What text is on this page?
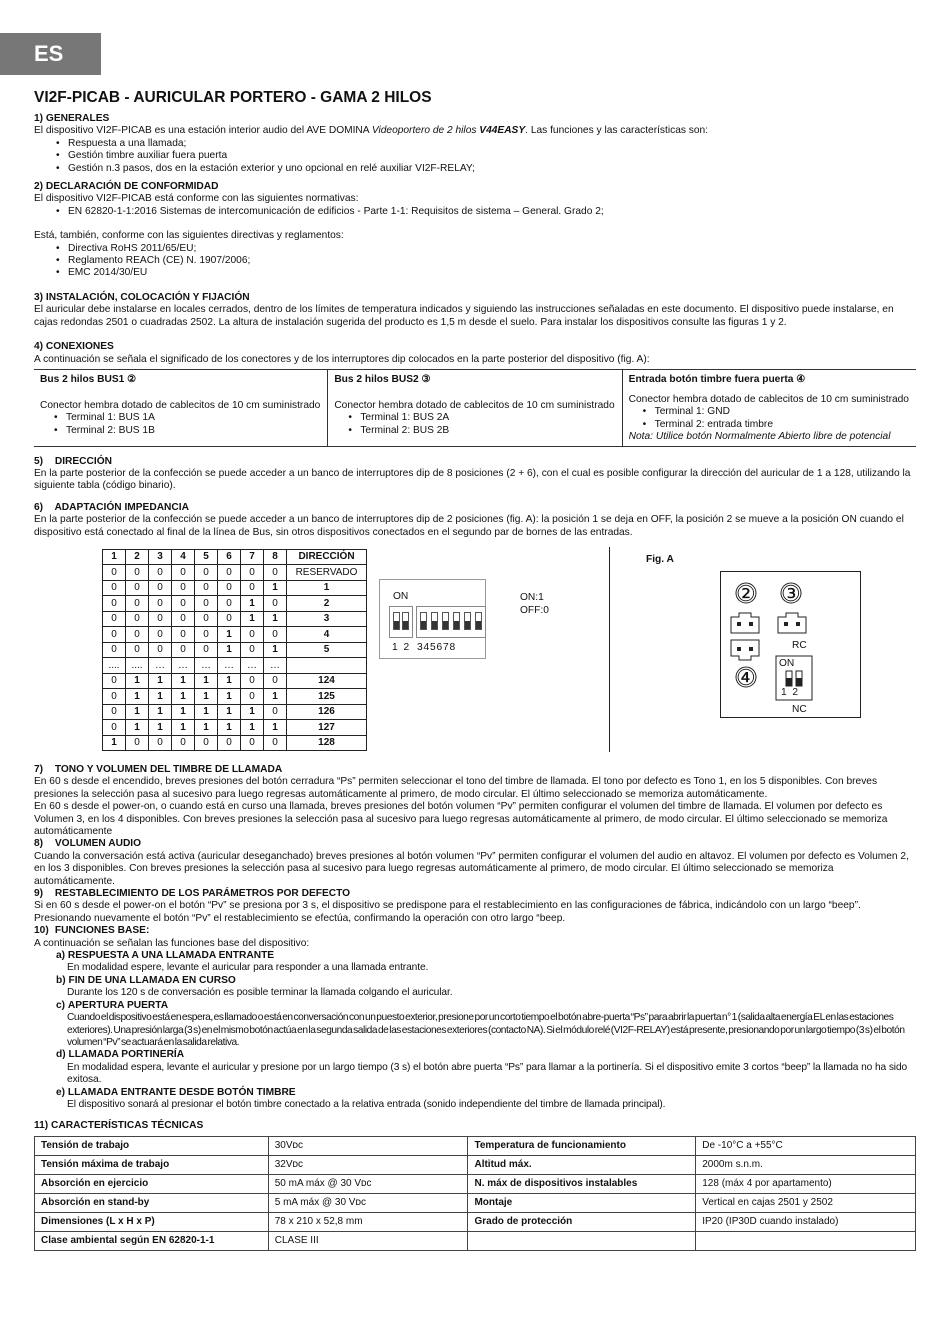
ES
VI2F-PICAB - AURICULAR PORTERO - GAMA 2 HILOS
1) GENERALES

El dispositivo VI2F-PICAB es una estación interior audio del AVE DOMINA Videoportero de 2 hilos V44EASY. Las funciones y las características son:

• Respuesta a una llamada;
• Gestión timbre auxiliar fuera puerta
• Gestión n.3 pasos, dos en la estación exterior y uno opcional en relé auxiliar VI2F-RELAY;
2) DECLARACIÓN DE CONFORMIDAD

El dispositivo VI2F-PICAB está conforme con las siguientes normativas:

• EN 62820-1-1:2016 Sistemas de intercomunicación de edificios - Parte 1-1: Requisitos de sistema – General. Grado 2;

Está, también, conforme con las siguientes directivas y reglamentos:

• Directiva RoHS 2011/65/EU;
• Reglamento REACh (CE) N. 1907/2006;
• EMC 2014/30/EU
3) INSTALACIÓN, COLOCACIÓN Y FIJACIÓN

El auricular debe instalarse en locales cerrados, dentro de los límites de temperatura indicados y siguiendo las instrucciones señaladas en este documento. El dispositivo puede instalarse, en cajas redondas 2501 o cuadradas 2502. La altura de instalación sugerida del producto es 1,5 m desde el suelo. Para instalar los dispositivos consulte las figuras 1 y 2.

4) CONEXIONES

A continuación se señala el significado de los conectores y de los interruptores dip colocados en la parte posterior del dispositivo (fig. A):

Bus 2 hilos BUS1 ②

Conector hembra dotado de cablecitos de 10 cm suministrado

• Terminal 1: BUS 1A
• Terminal 2: BUS 1B
Bus 2 hilos BUS2 ③

Conector hembra dotado de cablecitos de 10 cm suministrado

• Terminal 1: BUS 2A
• Terminal 2: BUS 2B
Entrada botón timbre fuera puerta ④

Conector hembra dotado de cablecitos de 10 cm suministrado

• Terminal 1: GND
• Terminal 2: entrada timbre

Nota: Utilice botón Normalmente Abierto libre de potencial

5) DIRECCIÓN

En la parte posterior de la confección se puede acceder a un banco de interruptores dip de 8 posiciones (2 + 6), con el cual es posible configurar la dirección del auricular de 1 a 128, utilizando la siguiente tabla (código binario).

6) ADAPTACIÓN IMPEDANCIA

En la parte posterior de la confección se puede acceder a un banco de interruptores dip de 2 posiciones (fig. A): la posición 1 se deja en OFF, la posición 2 se mueve a la posición ON cuando el dispositivo está conectado al final de la línea de Bus, sin otros dispositivos conectados en el segundo par de bornes de las entradas.

1	2	3	4	5	6	7	8	DIRECCIÓN
0	0	0	0	0	0	0	0	RESERVADO
0	0	0	0	0	0	0	1	1
0	0	0	0	0	0	1	0	2
0	0	0	0	0	0	1	1	3
0	0	0	0	0	1	0	0	4
0	0	0	0	0	1	0	1	5
....	....	…	…	…	…	…	…	
0	1	1	1	1	1	0	0	124
0	1	1	1	1	1	0	1	125
0	1	1	1	1	1	1	0	126
0	1	1	1	1	1	1	1	127
1	0	0	0	0	0	0	0	128
ON
1 2 3 4 5 6 7 8
ON:1
OFF:0
Fig. A
② ③
④
RC
ON
1  2
NC
7) TONO Y VOLUMEN DEL TIMBRE DE LLAMADA

En 60 s desde el encendido, breves presiones del botón cerradura “Ps” permiten seleccionar el tono del timbre de llamada. El tono por defecto es Tono 1, en los 5 disponibles. Con breves presiones la selección pasa al sucesivo para luego regresas automáticamente al primero, de modo circular. El último seleccionado se memoriza automáticamente.

En 60 s desde el power-on, o cuando está en curso una llamada, breves presiones del botón volumen “Pv” permiten configurar el volumen del timbre de llamada. El volumen por defecto es Volumen 3, en los 4 disponibles. Con breves presiones la selección pasa al sucesivo para luego regresas automáticamente al primero, de modo circular. El último seleccionado se memoriza automáticamente

8) VOLUMEN AUDIO

Cuando la conversación está activa (auricular deseganchado) breves presiones al botón volumen “Pv” permiten configurar el volumen del audio en altavoz. El volumen por defecto es Volumen 2, en los 3 disponibles. Con breves presiones la selección pasa al sucesivo para luego regresas automáticamente al primero, de modo circular. El último seleccionado se memoriza automáticamente.

9) RESTABLECIMIENTO DE LOS PARÁMETROS POR DEFECTO

Si en 60 s desde el power-on el botón “Pv” se presiona por 3 s, el dispositivo se predispone para el restablecimiento en las configuraciones de fábrica, indicándolo con un largo “beep”. Presionando nuevamente el botón “Pv” el restablecimiento se efectúa, confirmando la operación con otro largo “beep.

10) FUNCIONES BASE:

A continuación se señalan las funciones base del dispositivo:

a) RESPUESTA A UNA LLAMADA ENTRANTE

En modalidad espere, levante el auricular para responder a una llamada entrante.

b) FIN DE UNA LLAMADA EN CURSO

Durante los 120 s de conversación es posible terminar la llamada colgando el auricular.

c) APERTURA PUERTA

Cuando el dispositivo está en espera, es llamado o está en conversación con un puesto exterior, presione por un corto tiempo el botón abre-puerta “Ps” para abrir la puerta n° 1 (salida alta energía EL en las estaciones exteriores). Una presión larga (3 s) en el mismo botón actúa en la segunda salida de las estaciones exteriores (contacto NA). Si el módulo relé (VI2F-RELAY) está presente, presionando por un largo tiempo (3 s) el botón volumen “Pv” se actuará en la salida relativa.

d) LLAMADA PORTINERÍA

En modalidad espera, levante el auricular y presione por un largo tiempo (3 s) el botón abre puerta “Ps” para llamar a la portinería. Si el dispositivo emite 3 cortos “beep” la llamada no ha sido exitosa.

e) LLAMADA ENTRANTE DESDE BOTÓN TIMBRE

El dispositivo sonará al presionar el botón timbre conectado a la relativa entrada (sonido independiente del timbre de llamada principal).

11) CARACTERÍSTICAS TÉCNICAS
Tensión de trabajo	30Vᴅᴄ	Temperatura de funcionamiento	De -10°C a +55°C
Tensión máxima de trabajo	32Vᴅᴄ	Altitud máx.	2000m s.n.m.
Absorción en ejercicio	50 mA máx @ 30 Vᴅᴄ	N. máx de dispositivos instalables	128 (máx 4 por apartamento)
Absorción en stand-by	5 mA máx @ 30 Vᴅᴄ	Montaje	Vertical en cajas 2501 y 2502
Dimensiones (L x H x P)	78 x 210 x 52,8 mm	Grado de protección	IP20 (IP30D cuando instalado)
Clase ambiental según EN 62820-1-1	CLASE III		
